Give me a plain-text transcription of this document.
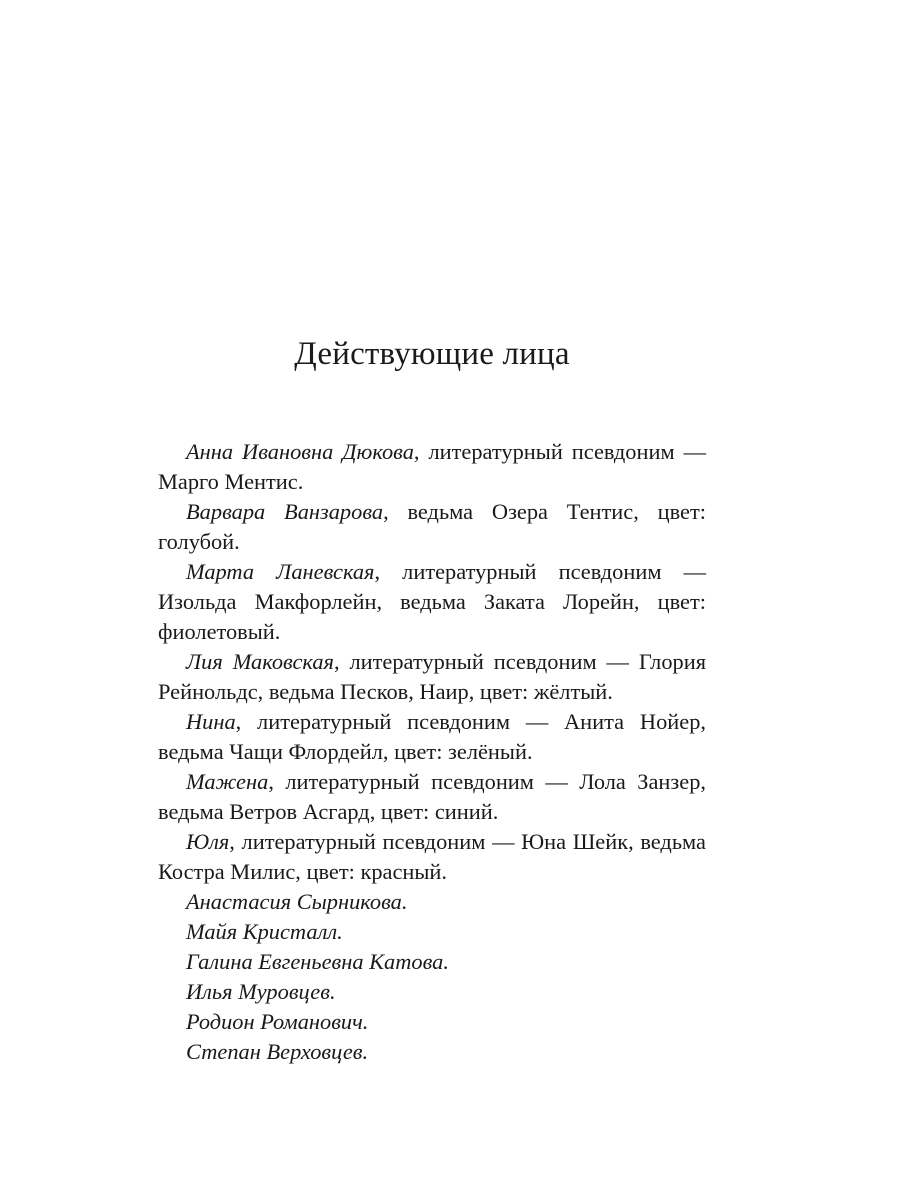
Действующие лица

Анна Ивановна Дюкова, литературный псевдоним — Марго Ментис.

Варвара Ванзарова, ведьма Озера Тентис, цвет: голубой.

Марта Ланевская, литературный псевдоним — Изольда Макфорлейн, ведьма Заката Лорейн, цвет: фиолетовый.

Лия Маковская, литературный псевдоним — Глория Рейнольдс, ведьма Песков, Наир, цвет: жёлтый.

Нина, литературный псевдоним — Анита Нойер, ведьма Чащи Флордейл, цвет: зелёный.

Мажена, литературный псевдоним — Лола Занзер, ведьма Ветров Асгард, цвет: синий.

Юля, литературный псевдоним — Юна Шейк, ведьма Костра Милис, цвет: красный.

Анастасия Сырникова.

Майя Кристалл.

Галина Евгеньевна Катова.

Илья Муровцев.

Родион Романович.

Степан Верховцев.
